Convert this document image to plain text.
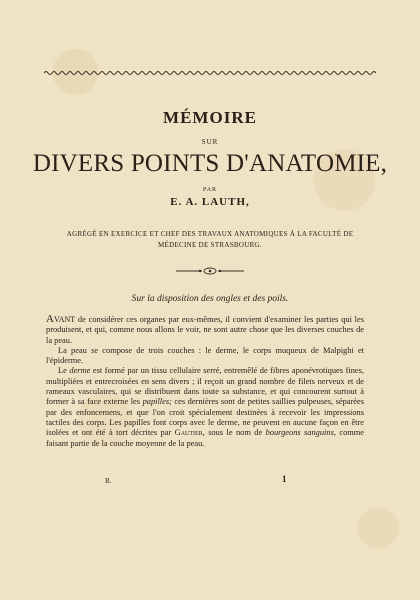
MÉMOIRE
SUR
DIVERS POINTS D'ANATOMIE,
PAR
E. A. LAUTH,
AGRÉGÉ EN EXERCICE ET CHEF DES TRAVAUX ANATOMIQUES À LA FACULTÉ DE
MÉDECINE DE STRASBOURG.
Sur la disposition des ongles et des poils.

Avant de considérer ces organes par eux-mêmes, il convient d'examiner les parties qui les produisent, et qui, comme nous allons le voir, ne sont autre chose que les diverses couches de la peau.

La peau se compose de trois couches : le derme, le corps muqueux de Malpighi et l'épiderme.

Le derme est formé par un tissu cellulaire serré, entremêlé de fibres aponévrotiques fines, multipliées et entrecroisées en sens divers ; il reçoit un grand nombre de filets nerveux et de rameaux vasculaires, qui se distribuent dans toute sa substance, et qui concourent surtout à former à sa face externe les papilles; ces dernières sont de petites saillies pulpeuses, séparées par des enfoncemens, et que l'on croit spécialement destinées à recevoir les impressions tactiles des corps. Les papilles font corps avec le derme, ne peuvent en aucune façon en être isolées et ont été à tort décrites par Gautier, sous le nom de bourgeons sanguins, comme faisant partie de la couche moyenne de la peau.

B.	1
